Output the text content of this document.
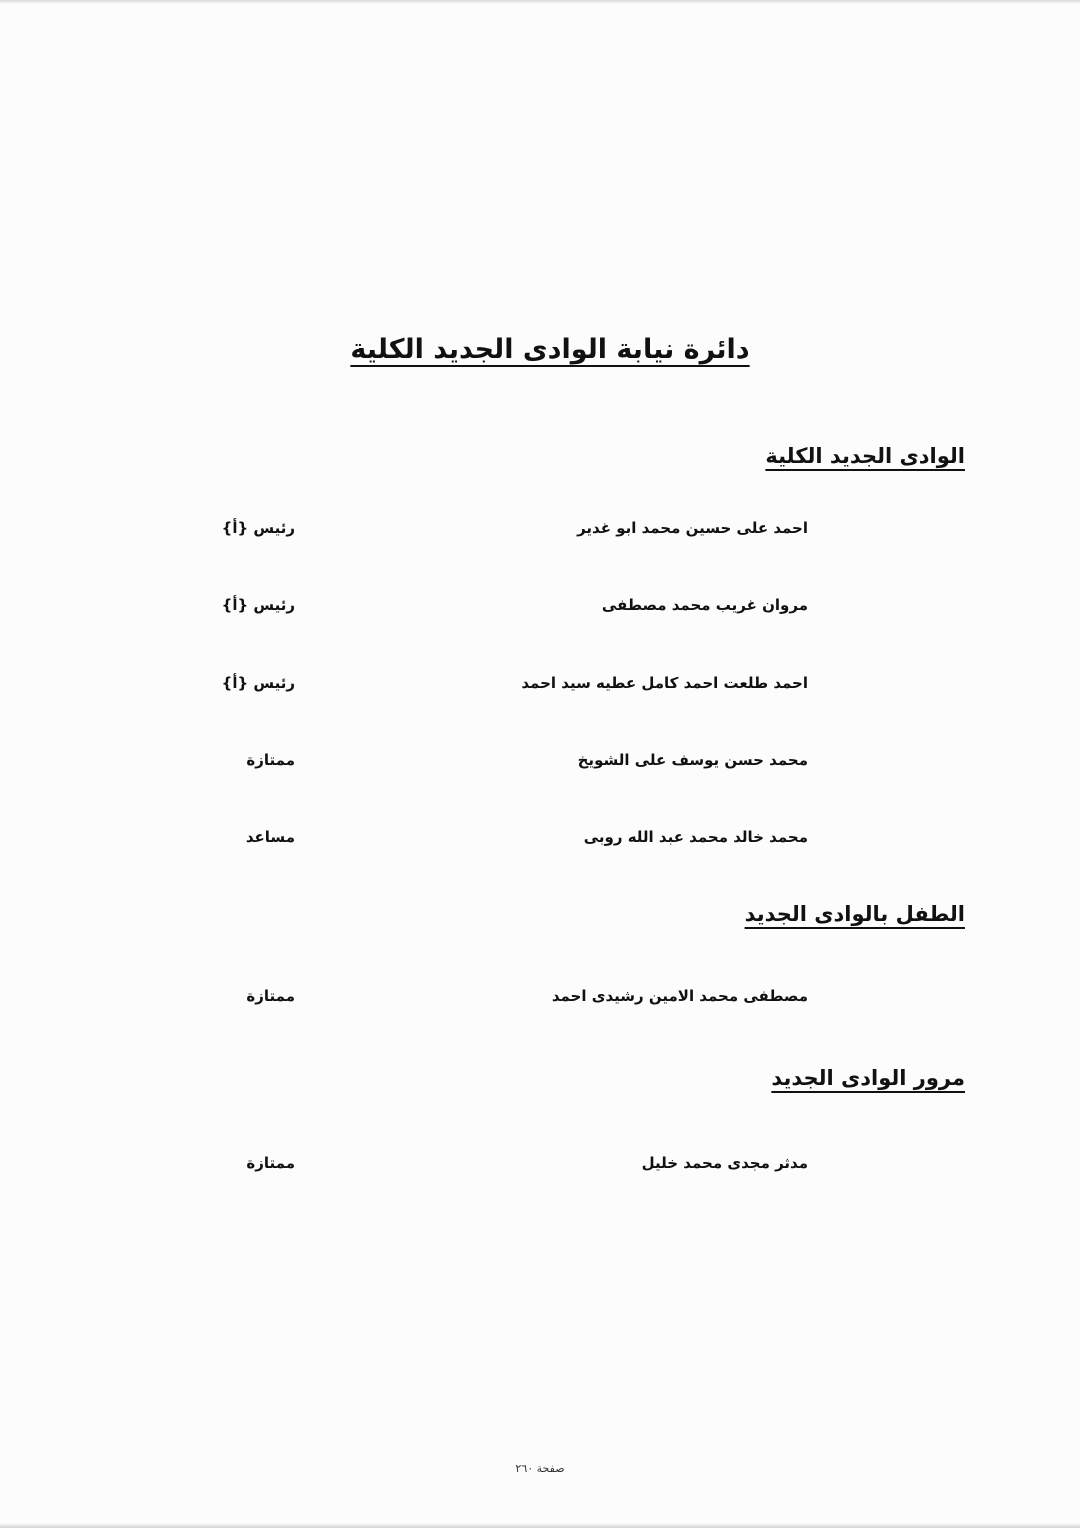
دائرة نيابة الوادى الجديد الكلية
الوادى الجديد الكلية
احمد على حسين محمد ابو غدير
رئيس {أ}
مروان غريب محمد مصطفى
رئيس {أ}
احمد طلعت احمد كامل عطيه سيد احمد
رئيس {أ}
محمد حسن يوسف على الشويخ
ممتازة
محمد خالد محمد عبد الله روبى
مساعد
الطفل بالوادى الجديد
مصطفى محمد الامين رشيدى احمد
ممتازة
مرور الوادى الجديد
مدثر مجدى محمد خليل
ممتازة
صفحة ٢٦٠
